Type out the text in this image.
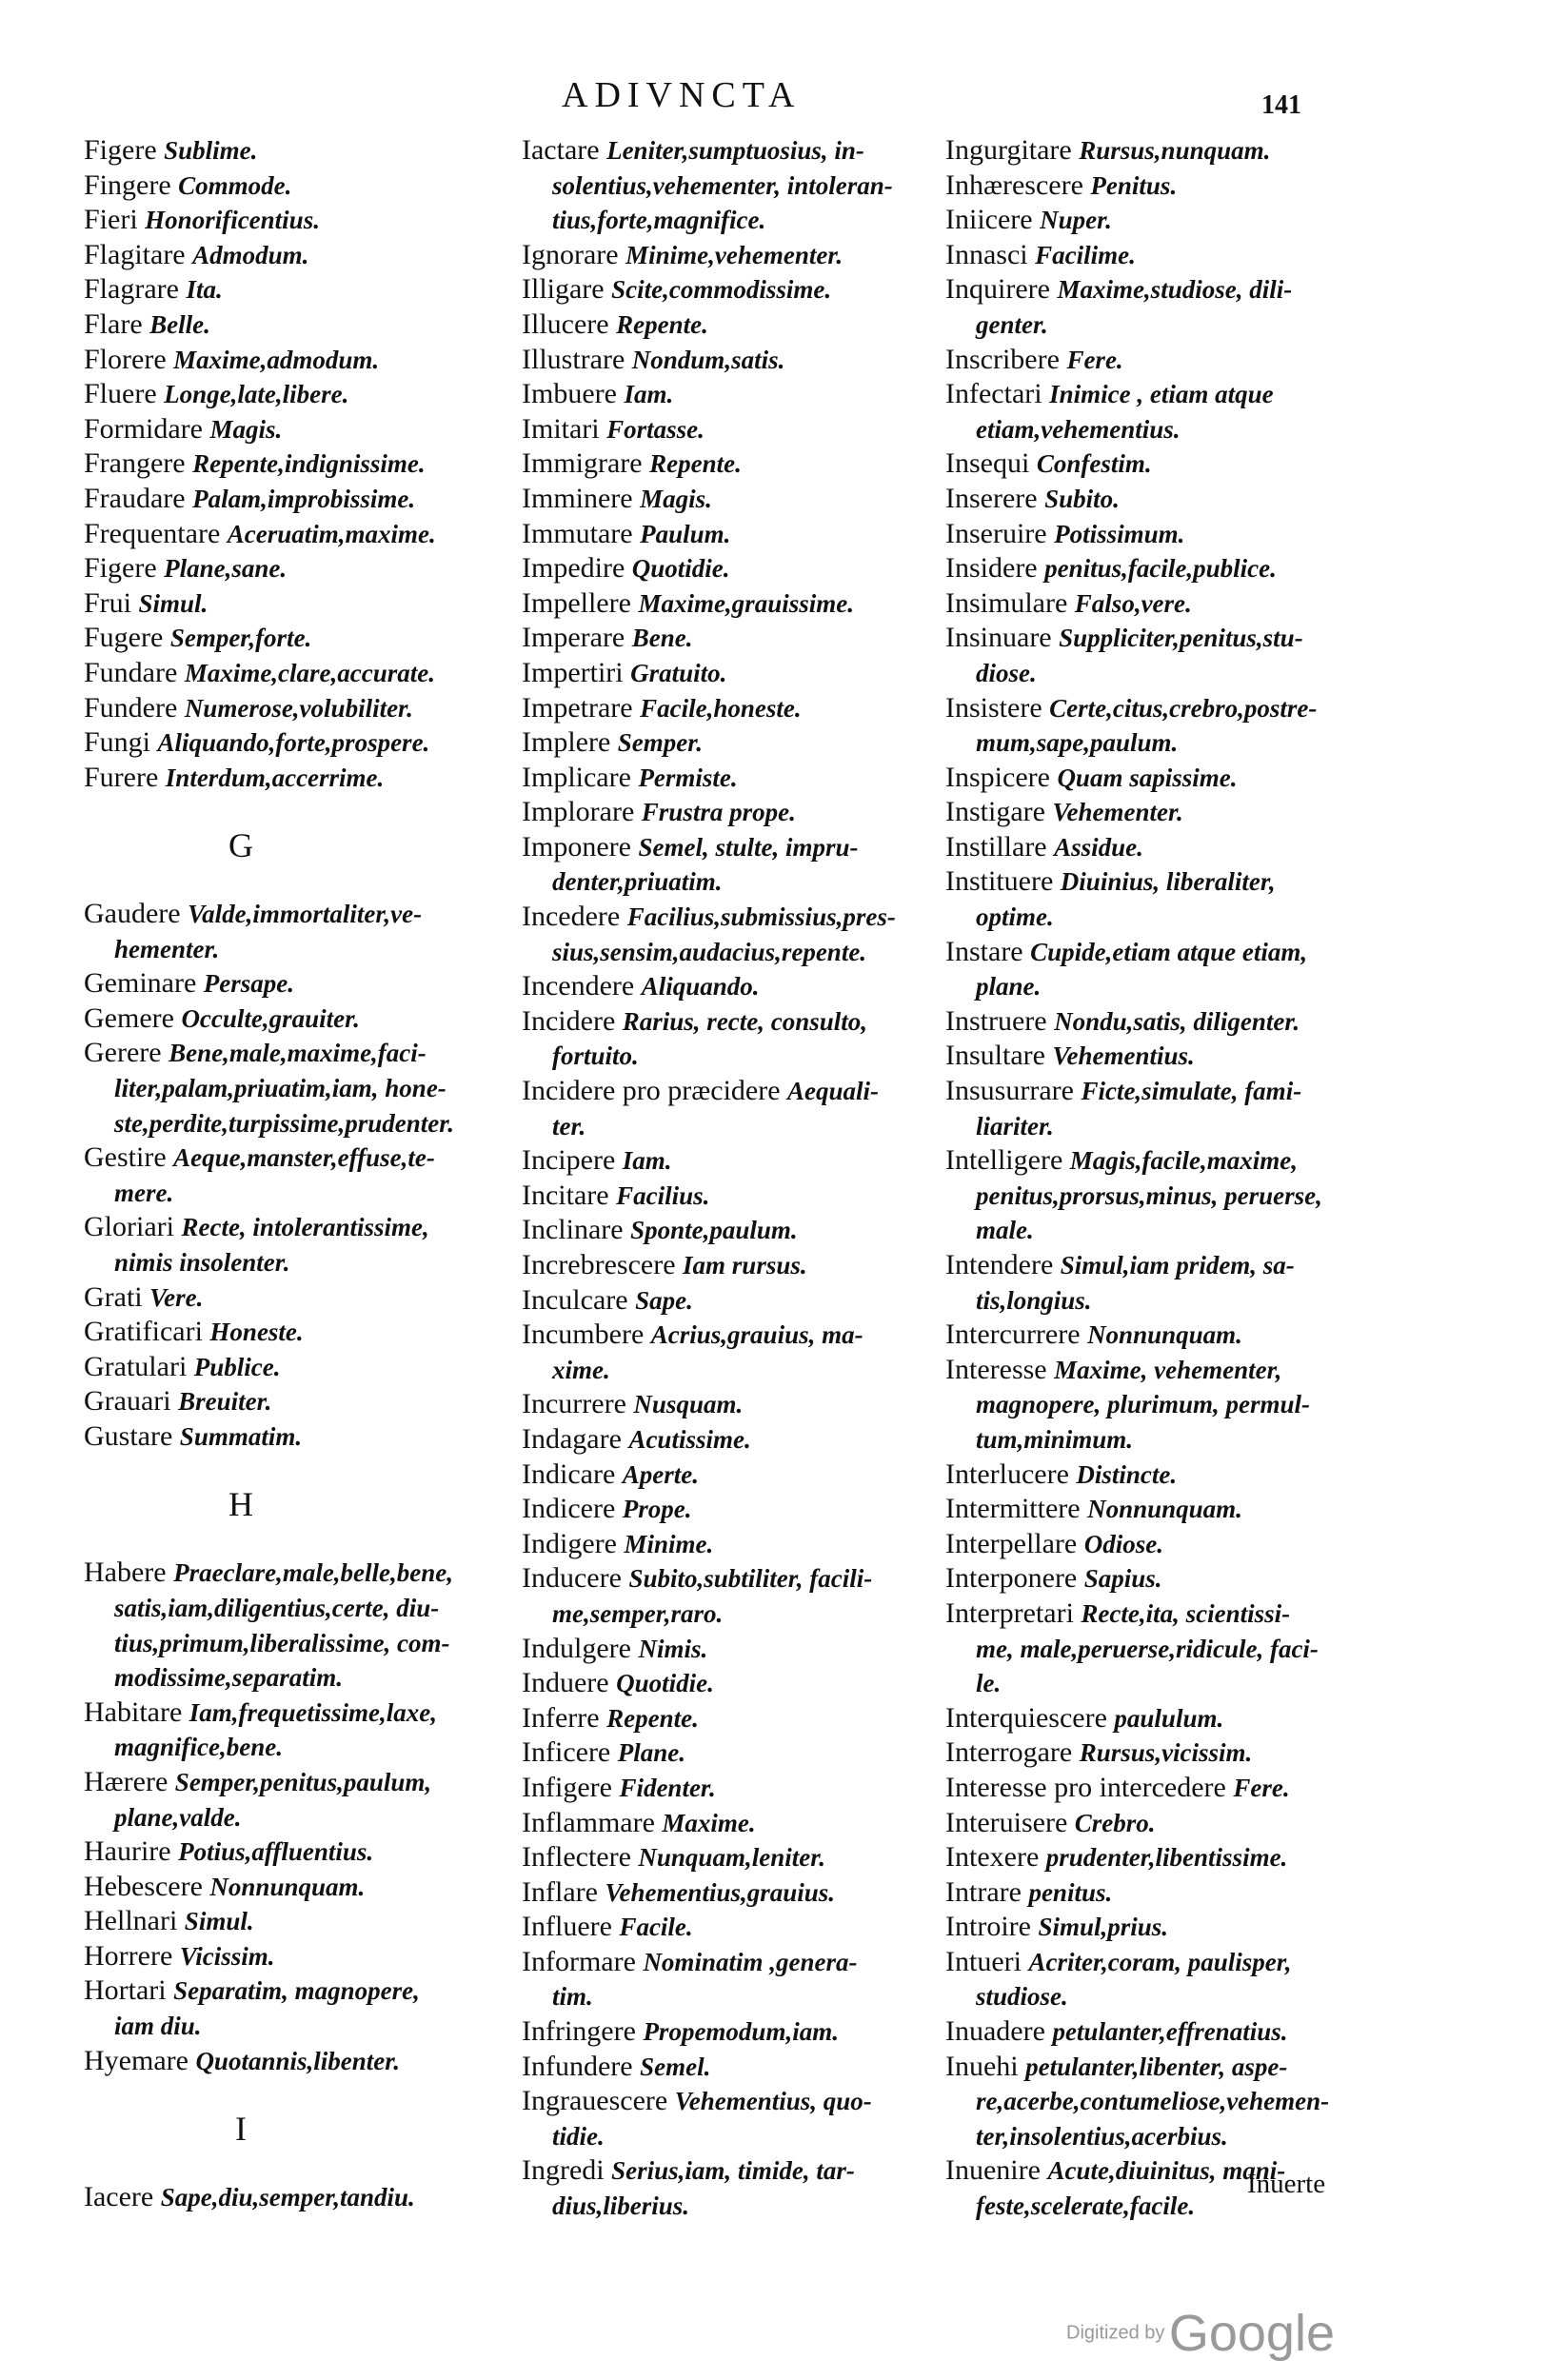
ADIVNCTA	141
Figere Sublime.
Fingere Commode.
Fieri Honorificentius.
Flagitare Admodum.
Flagrare Ita.
Flare Belle.
Florere Maxime,admodum.
Fluere Longe,late,libere.
Formidare Magis.
Frangere Repente,indignissime.
Fraudare Palam,improbissime.
Frequentare Aceruatim,maxime.
Figere Plane,sane.
Frui Simul.
Fugere Semper,forte.
Fundare Maxime,clare,accurate.
Fundere Numerose,volubiliter.
Fungi Aliquando,forte,prospere.
Furere Interdum,accerrime.
G
Gaudere Valde,immortaliter,ve-
hementer.
Geminare Persape.
Gemere Occulte,grauiter.
Gerere Bene,male,maxime,faci-
liter,palam,priuatim,iam, hone-
ste,perdite,turpissime,prudenter.
Gestire Aeque,manster,effuse,te-
mere.
Gloriari Recte, intolerantissime,
nimis insolenter.
Grati Vere.
Gratificari Honeste.
Gratulari Publice.
Grauari Breuiter.
Gustare Summatim.
H
Habere Praeclare,male,belle,bene,
satis,iam,diligentius,certe, diu-
tius,primum,liberalissime, com-
modissime,separatim.
Habitare Iam,frequetissime,laxe,
magnifice,bene.
Hærere Semper,penitus,paulum,
plane,valde.
Haurire Potius,affluentius.
Hebescere Nonnunquam.
Hellnari Simul.
Horrere Vicissim.
Hortari Separatim, magnopere,
iam diu.
Hyemare Quotannis,libenter.
I
Iacere Sape,diu,semper,tandiu.
Iactare Leniter,sumptuosius, in-
solentius,vehementer, intoleran-
tius,forte,magnifice.
Ignorare Minime,vehementer.
Illigare Scite,commodissime.
Illucere Repente.
Illustrare Nondum,satis.
Imbuere Iam.
Imitari Fortasse.
Immigrare Repente.
Imminere Magis.
Immutare Paulum.
Impedire Quotidie.
Impellere Maxime,grauissime.
Imperare Bene.
Impertiri Gratuito.
Impetrare Facile,honeste.
Implere Semper.
Implicare Permiste.
Implorare Frustra prope.
Imponere Semel, stulte, impru-
denter,priuatim.
Incedere Facilius,submissius,pres-
sius,sensim,audacius,repente.
Incendere Aliquando.
Incidere Rarius, recte, consulto,
fortuito.
Incidere pro præcidere Aequali-
ter.
Incipere Iam.
Incitare Facilius.
Inclinare Sponte,paulum.
Increbrescere Iam rursus.
Inculcare Sape.
Incumbere Acrius,grauius, ma-
xime.
Incurrere Nusquam.
Indagare Acutissime.
Indicare Aperte.
Indicere Prope.
Indigere Minime.
Inducere Subito,subtiliter, facili-
me,semper,raro.
Indulgere Nimis.
Induere Quotidie.
Inferre Repente.
Inficere Plane.
Infigere Fidenter.
Inflammare Maxime.
Inflectere Nunquam,leniter.
Inflare Vehementius,grauius.
Influere Facile.
Informare Nominatim ,genera-
tim.
Infringere Propemodum,iam.
Infundere Semel.
Ingrauescere Vehementius, quo-
tidie.
Ingredi Serius,iam, timide, tar-
dius,liberius.
Ingurgitare Rursus,nunquam.
Inhærescere Penitus.
Iniicere Nuper.
Innasci Facilime.
Inquirere Maxime,studiose, dili-
genter.
Inscribere Fere.
Infectari Inimice , etiam atque
etiam,vehementius.
Insequi Confestim.
Inserere Subito.
Inseruire Potissimum.
Insidere penitus,facile,publice.
Insimulare Falso,vere.
Insinuare Suppliciter,penitus,stu-
diose.
Insistere Certe,citus,crebro,postre-
mum,sape,paulum.
Inspicere Quam sapissime.
Instigare Vehementer.
Instillare Assidue.
Instituere Diuinius, liberaliter,
optime.
Instare Cupide,etiam atque etiam,
plane.
Instruere Nondu,satis, diligenter.
Insultare Vehementius.
Insusurrare Ficte,simulate, fami-
liariter.
Intelligere Magis,facile,maxime,
penitus,prorsus,minus, peruerse,
male.
Intendere Simul,iam pridem, sa-
tis,longius.
Intercurrere Nonnunquam.
Interesse Maxime, vehementer,
magnopere, plurimum, permul-
tum,minimum.
Interlucere Distincte.
Intermittere Nonnunquam.
Interpellare Odiose.
Interponere Sapius.
Interpretari Recte,ita, scientissi-
me, male,peruerse,ridicule, faci-
le.
Interquiescere paululum.
Interrogare Rursus,vicissim.
Interesse pro intercedere Fere.
Interuisere Crebro.
Intexere prudenter,libentissime.
Intrare penitus.
Introire Simul,prius.
Intueri Acriter,coram, paulisper,
studiose.
Inuadere petulanter,effrenatius.
Inuehi petulanter,libenter, aspe-
re,acerbe,contumeliose,vehemen-
ter,insolentius,acerbius.
Inuenire Acute,diuinitus, mani-
feste,scelerate,facile.
Inuerte
Digitized by Google
